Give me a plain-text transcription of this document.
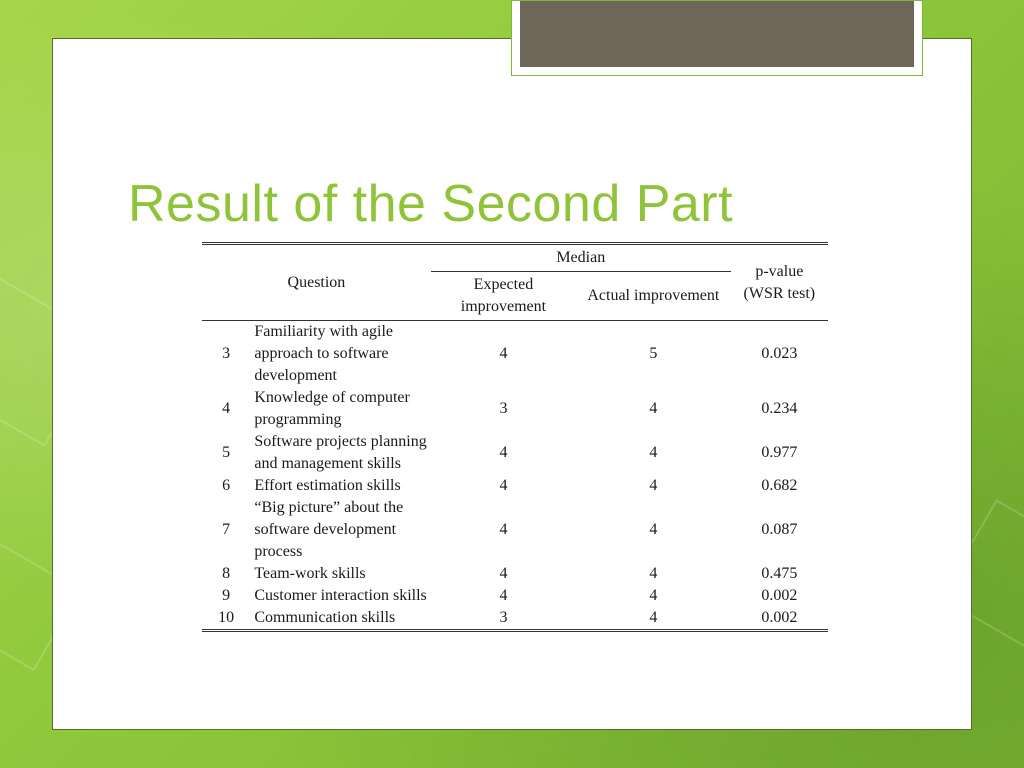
Result of the Second Part
Question		Median		p-value (WSR test)
		Expected improvement	Actual improvement	
3	Familiarity with agile approach to software development	4	5	0.023
4	Knowledge of computer programming	3	4	0.234
5	Software projects planning and management skills	4	4	0.977
6	Effort estimation skills	4	4	0.682
7	“Big picture” about the software development process	4	4	0.087
8	Team-work skills	4	4	0.475
9	Customer interaction skills	4	4	0.002
10	Communication skills	3	4	0.002
